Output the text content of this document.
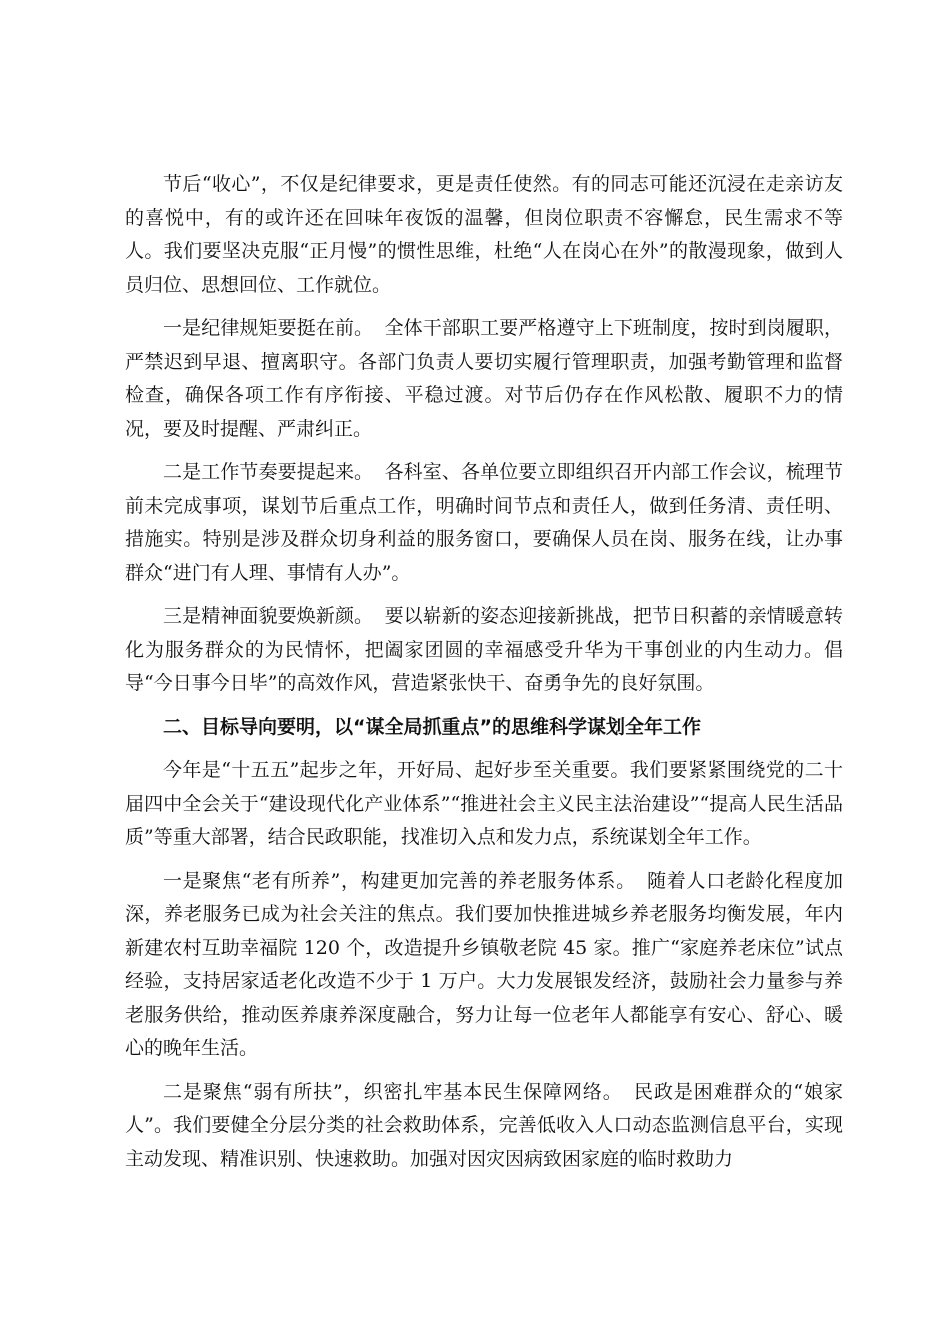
节后“收心”，不仅是纪律要求，更是责任使然。有的同志可能还沉浸在走亲访友的喜悦中，有的或许还在回味年夜饭的温馨，但岗位职责不容懈怠，民生需求不等人。我们要坚决克服“正月慢”的惯性思维，杜绝“人在岗心在外”的散漫现象，做到人员归位、思想回位、工作就位。

一是纪律规矩要挺在前。 全体干部职工要严格遵守上下班制度，按时到岗履职，严禁迟到早退、擅离职守。各部门负责人要切实履行管理职责，加强考勤管理和监督检查，确保各项工作有序衔接、平稳过渡。对节后仍存在作风松散、履职不力的情况，要及时提醒、严肃纠正。

二是工作节奏要提起来。 各科室、各单位要立即组织召开内部工作会议，梳理节前未完成事项，谋划节后重点工作，明确时间节点和责任人，做到任务清、责任明、措施实。特别是涉及群众切身利益的服务窗口，要确保人员在岗、服务在线，让办事群众“进门有人理、事情有人办”。

三是精神面貌要焕新颜。 要以崭新的姿态迎接新挑战，把节日积蓄的亲情暖意转化为服务群众的为民情怀，把阖家团圆的幸福感受升华为干事创业的内生动力。倡导“今日事今日毕”的高效作风，营造紧张快干、奋勇争先的良好氛围。

二、目标导向要明，以“谋全局抓重点”的思维科学谋划全年工作

今年是“十五五”起步之年，开好局、起好步至关重要。我们要紧紧围绕党的二十届四中全会关于“建设现代化产业体系”“推进社会主义民主法治建设”“提高人民生活品质”等重大部署，结合民政职能，找准切入点和发力点，系统谋划全年工作。

一是聚焦“老有所养”，构建更加完善的养老服务体系。 随着人口老龄化程度加深，养老服务已成为社会关注的焦点。我们要加快推进城乡养老服务均衡发展，年内新建农村互助幸福院 120 个，改造提升乡镇敬老院 45 家。推广“家庭养老床位”试点经验，支持居家适老化改造不少于 1 万户。大力发展银发经济，鼓励社会力量参与养老服务供给，推动医养康养深度融合，努力让每一位老年人都能享有安心、舒心、暖心的晚年生活。

二是聚焦“弱有所扶”，织密扎牢基本民生保障网络。 民政是困难群众的“娘家人”。我们要健全分层分类的社会救助体系，完善低收入人口动态监测信息平台，实现主动发现、精准识别、快速救助。加强对因灾因病致困家庭的临时救助力
